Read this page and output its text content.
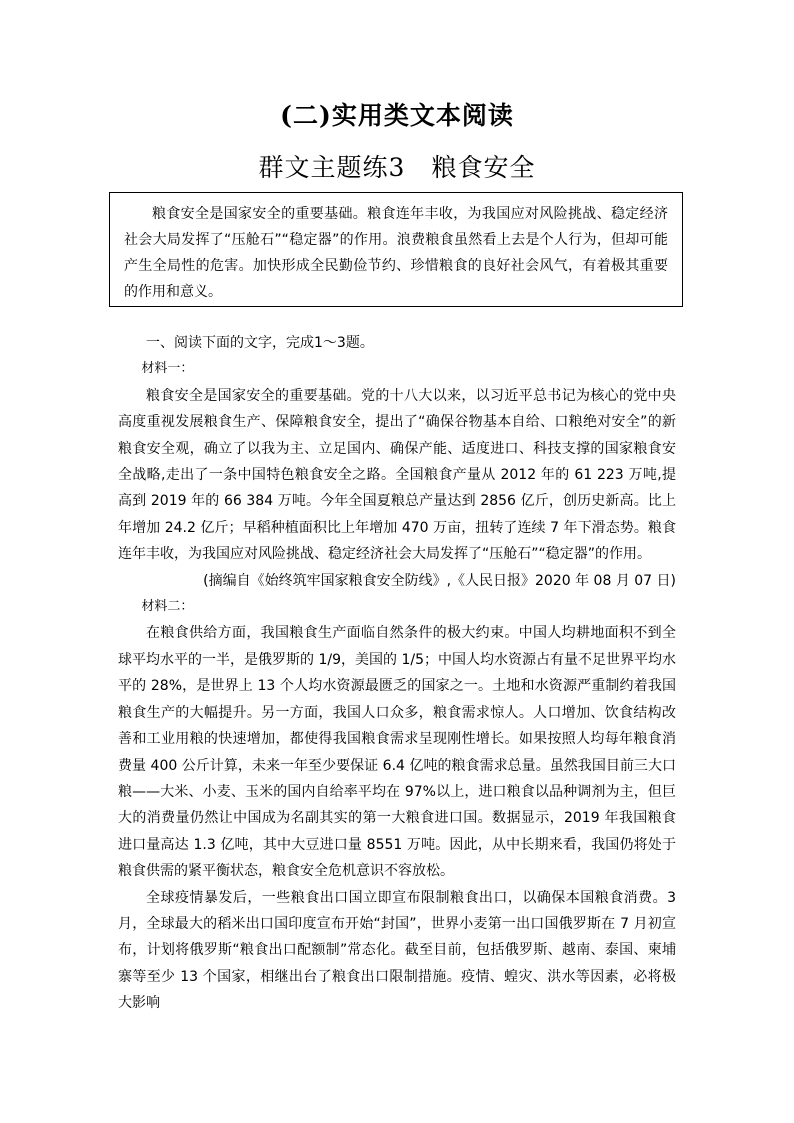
(二)实用类文本阅读
群文主题练3　粮食安全

粮食安全是国家安全的重要基础。粮食连年丰收，为我国应对风险挑战、稳定经济社会大局发挥了“压舱石”“稳定器”的作用。浪费粮食虽然看上去是个人行为，但却可能产生全局性的危害。加快形成全民勤俭节约、珍惜粮食的良好社会风气，有着极其重要的作用和意义。

一、阅读下面的文字，完成1～3题。

材料一：

粮食安全是国家安全的重要基础。党的十八大以来，以习近平总书记为核心的党中央高度重视发展粮食生产、保障粮食安全，提出了“确保谷物基本自给、口粮绝对安全”的新粮食安全观，确立了以我为主、立足国内、确保产能、适度进口、科技支撑的国家粮食安全战略,走出了一条中国特色粮食安全之路。全国粮食产量从 2012 年的 61 223 万吨,提高到 2019 年的 66 384 万吨。今年全国夏粮总产量达到 2856 亿斤，创历史新高。比上年增加 24.2 亿斤；早稻种植面积比上年增加 470 万亩，扭转了连续 7 年下滑态势。粮食连年丰收，为我国应对风险挑战、稳定经济社会大局发挥了“压舱石”“稳定器”的作用。

(摘编自《始终筑牢国家粮食安全防线》,《人民日报》2020 年 08 月 07 日)

材料二：

在粮食供给方面，我国粮食生产面临自然条件的极大约束。中国人均耕地面积不到全球平均水平的一半，是俄罗斯的 1/9，美国的 1/5；中国人均水资源占有量不足世界平均水平的 28%，是世界上 13 个人均水资源最匮乏的国家之一。土地和水资源严重制约着我国粮食生产的大幅提升。另一方面，我国人口众多，粮食需求惊人。人口增加、饮食结构改善和工业用粮的快速增加，都使得我国粮食需求呈现刚性增长。如果按照人均每年粮食消费量 400 公斤计算，未来一年至少要保证 6.4 亿吨的粮食需求总量。虽然我国目前三大口粮——大米、小麦、玉米的国内自给率平均在 97%以上，进口粮食以品种调剂为主，但巨大的消费量仍然让中国成为名副其实的第一大粮食进口国。数据显示，2019 年我国粮食进口量高达 1.3 亿吨，其中大豆进口量 8551 万吨。因此，从中长期来看，我国仍将处于粮食供需的紧平衡状态，粮食安全危机意识不容放松。

全球疫情暴发后，一些粮食出口国立即宣布限制粮食出口，以确保本国粮食消费。3 月，全球最大的稻米出口国印度宣布开始“封国”，世界小麦第一出口国俄罗斯在 7 月初宣布，计划将俄罗斯“粮食出口配额制”常态化。截至目前，包括俄罗斯、越南、泰国、柬埔寨等至少 13 个国家，相继出台了粮食出口限制措施。疫情、蝗灾、洪水等因素，必将极大影响
